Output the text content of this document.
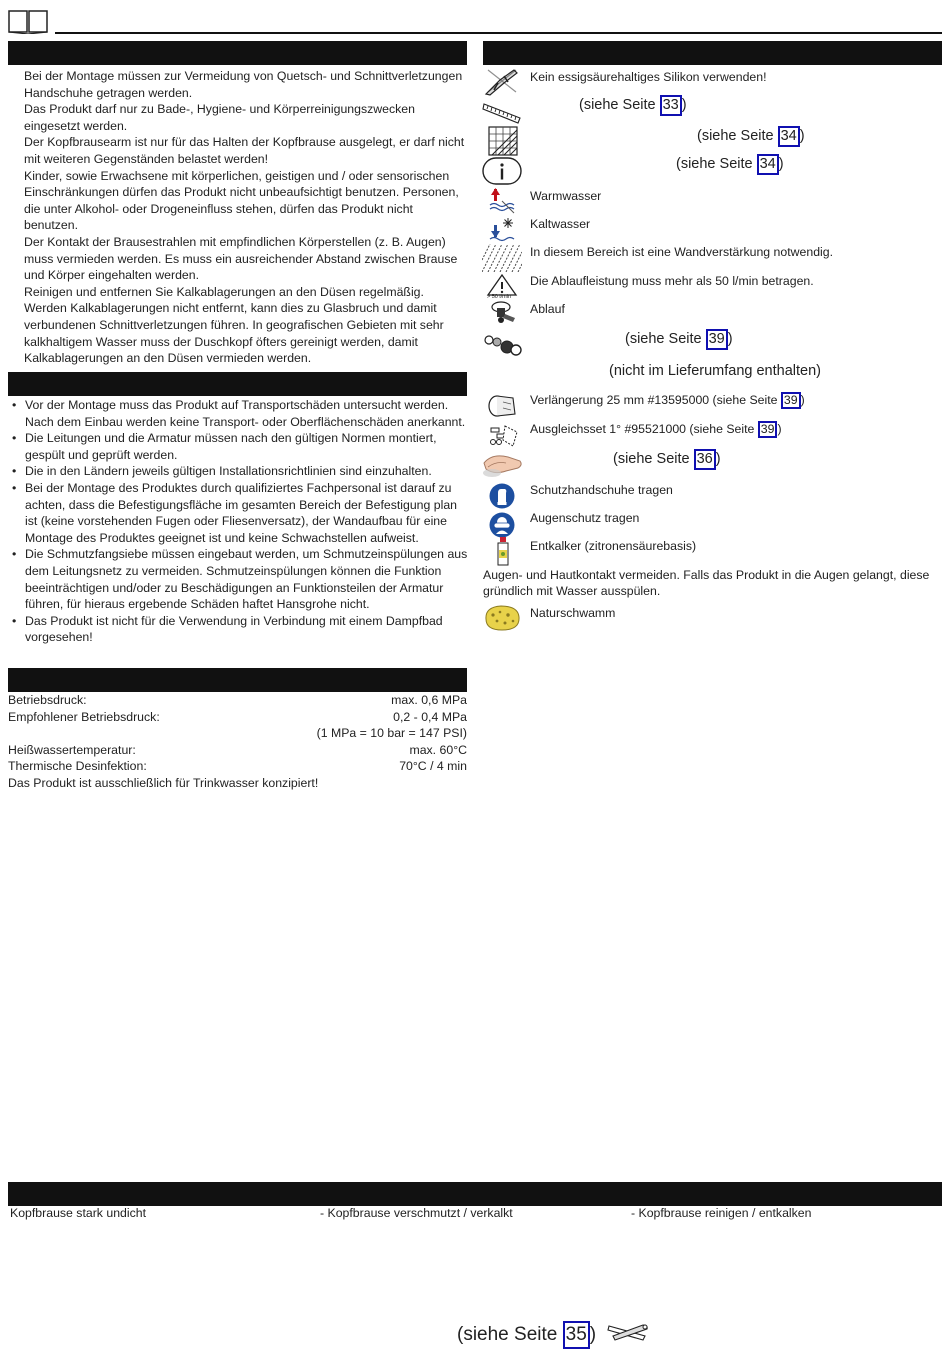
Bei der Montage müssen zur Vermeidung von Quetsch- und Schnittverletzungen Handschuhe getragen werden.
Das Produkt darf nur zu Bade-, Hygiene- und Körperreinigungszwecken eingesetzt werden.
Der Kopfbrausearm ist nur für das Halten der Kopfbrause ausgelegt, er darf nicht mit weiteren Gegenständen belastet werden!
Kinder, sowie Erwachsene mit körperlichen, geistigen und / oder sensorischen Einschränkungen dürfen das Produkt nicht unbeaufsichtigt benutzen. Personen, die unter Alkohol- oder Drogeneinfluss stehen, dürfen das Produkt nicht benutzen.
Der Kontakt der Brausestrahlen mit empfindlichen Körperstellen (z. B. Augen) muss vermieden werden. Es muss ein ausreichender Abstand zwischen Brause und Körper eingehalten werden.
Reinigen und entfernen Sie Kalkablagerungen an den Düsen regelmäßig. Werden Kalkablagerungen nicht entfernt, kann dies zu Glasbruch und damit verbundenen Schnittverletzungen führen. In geografischen Gebieten mit sehr kalkhaltigem Wasser muss der Duschkopf öfters gereinigt werden, damit Kalkablagerungen an den Düsen vermieden werden.
• Vor der Montage muss das Produkt auf Transportschäden untersucht werden. Nach dem Einbau werden keine Transport- oder Oberflächenschäden anerkannt.
• Die Leitungen und die Armatur müssen nach den gültigen Normen montiert, gespült und geprüft werden.
• Die in den Ländern jeweils gültigen Installationsrichtlinien sind einzuhalten.
• Bei der Montage des Produktes durch qualifiziertes Fachpersonal ist darauf zu achten, dass die Befestigungsfläche im gesamten Bereich der Befestigung plan ist (keine vorstehenden Fugen oder Fliesenversatz), der Wandaufbau für eine Montage des Produktes geeignet ist und keine Schwachstellen aufweist.
• Die Schmutzfangsiebe müssen eingebaut werden, um Schmutzeinspülungen aus dem Leitungsnetz zu vermeiden. Schmutzeinspülungen können die Funktion beeinträchtigen und/oder zu Beschädigungen an Funktionsteilen der Armatur führen, für hieraus ergebende Schäden haftet Hansgrohe nicht.
• Das Produkt ist nicht für die Verwendung in Verbindung mit einem Dampfbad vorgesehen!
Betriebsdruck:	max. 0,6 MPa
Empfohlener Betriebsdruck:	0,2 - 0,4 MPa
(1 MPa = 10 bar = 147 PSI)
Heißwassertemperatur:	max. 60°C
Thermische Desinfektion:	70°C / 4 min
Das Produkt ist ausschließlich für Trinkwasser konzipiert!
Kein essigsäurehaltiges Silikon verwenden!
(siehe Seite 33 )
(siehe Seite 34 )
(siehe Seite 34 )
Warmwasser
Kaltwasser
In diesem Bereich ist eine Wandverstärkung notwendig.
> 50 l/min
Die Ablaufleistung muss mehr als 50 l/min betragen.
Ablauf
(siehe Seite 39 )
(nicht im Lieferumfang enthalten)
Verlängerung 25 mm #13595000 (siehe Seite 39 )
Ausgleichsset 1° #95521000 (siehe Seite 39 )
(siehe Seite 36 )
Schutzhandschuhe tragen
Augenschutz tragen
Entkalker (zitronensäurebasis)
Augen- und Hautkontakt vermeiden. Falls das Produkt in die Augen gelangt, diese gründlich mit Wasser ausspülen.
Naturschwamm
Kopfbrause stark undicht	- Kopfbrause verschmutzt / verkalkt	- Kopfbrause reinigen / entkalken
(siehe Seite 35 )
